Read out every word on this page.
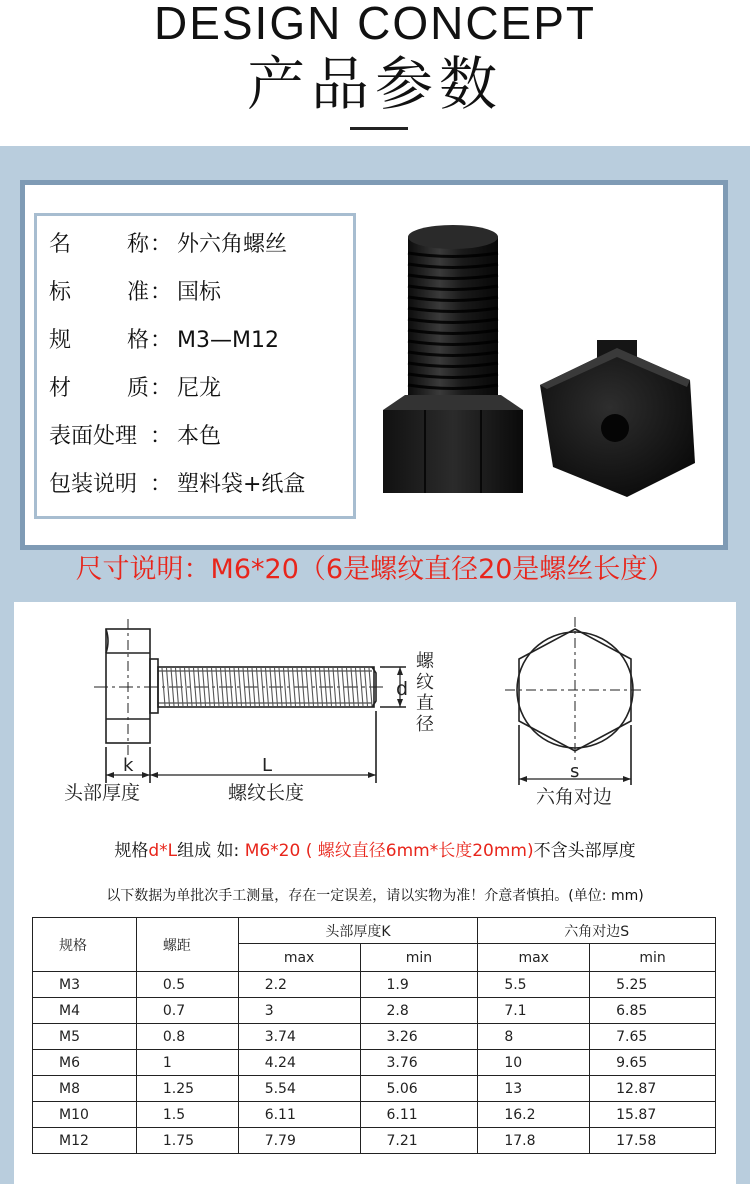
DESIGN CONCEPT
产品参数
名	称 ： 外六角螺丝
标	准 ： 国标
规	格 ： M3—M12
材	质 ： 尼龙
表面处理 ： 本色
包装说明 ： 塑料袋+纸盒
尺寸说明：M6*20（6是螺纹直径20是螺丝长度）
d
k	L	s
头部厚度	螺纹长度	六角对边
螺
纹
直
径
规格d*L组成 如: M6*20 ( 螺纹直径6mm*长度20mm)不含头部厚度
以下数据为单批次手工测量，存在一定误差，请以实物为准！介意者慎拍。(单位: mm)
规格	螺距	头部厚度K		六角对边S	
		max	min	max	min
M3	0.5	2.2	1.9	5.5	5.25
M4	0.7	3	2.8	7.1	6.85
M5	0.8	3.74	3.26	8	7.65
M6	1	4.24	3.76	10	9.65
M8	1.25	5.54	5.06	13	12.87
M10	1.5	6.11	6.11	16.2	15.87
M12	1.75	7.79	7.21	17.8	17.58
